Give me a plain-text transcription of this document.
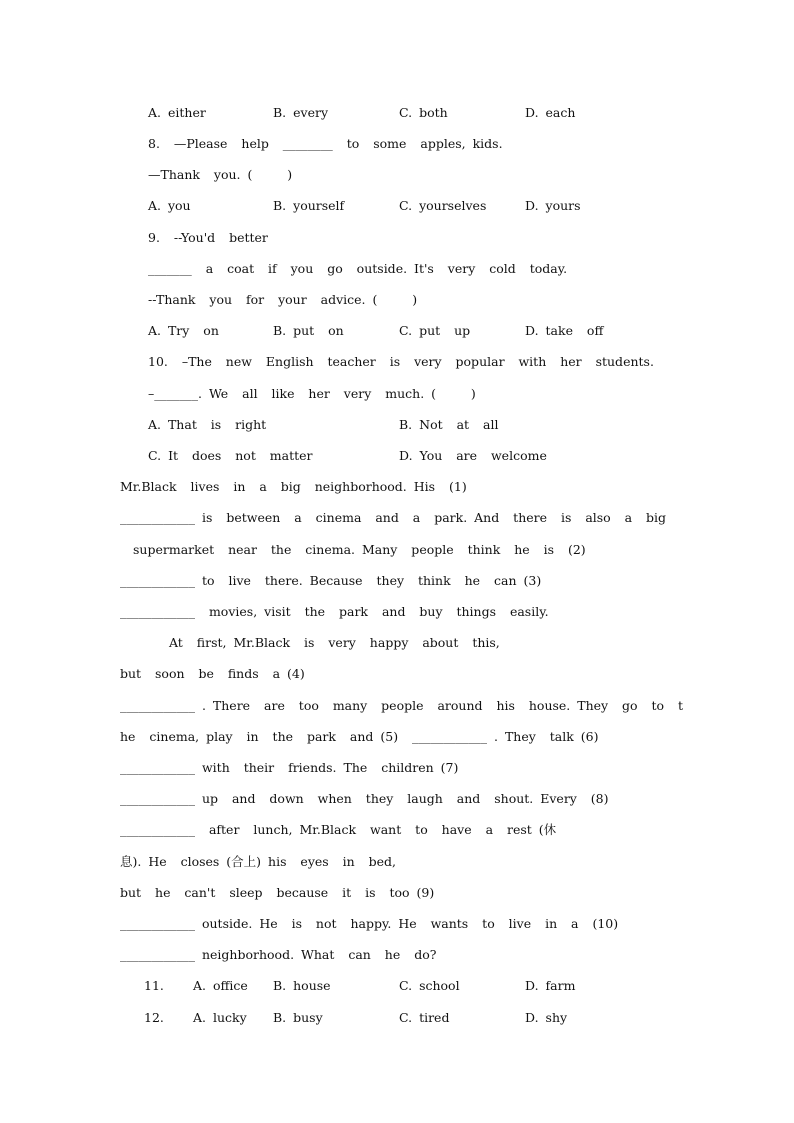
A. either	B. every	C. both	D. each
8.  —Please  help  ________  to  some  apples, kids.
—Thank  you. (     )
A. you	B. yourself	C. yourselves	D. yours
9.  --You'd  better
_______  a  coat  if  you  go  outside. It's  very  cold  today.
--Thank  you  for  your  advice. (     )
A. Try  on	B. put  on	C. put  up	D. take  off
10.  –The  new  English  teacher  is  very  popular  with  her  students.
–_______. We  all  like  her  very  much. (     )
A. That  is  right	B. Not  at  all
C. It  does  not  matter	D. You  are  welcome
Mr.Black  lives  in  a  big  neighborhood. His  (1)
____________ is  between  a  cinema  and  a  park. And  there  is  also  a  big
supermarket  near  the  cinema. Many  people  think  he  is  (2)
____________ to  live  there. Because  they  think  he  can (3)
____________  movies, visit  the  park  and  buy  things  easily.
At  first, Mr.Black  is  very  happy  about  this,
but  soon  be  finds  a (4)
____________ . There  are  too  many  people  around  his  house. They  go  to  t
he  cinema, play  in  the  park  and (5)  ____________ . They  talk (6)
____________ with  their  friends. The  children (7)
____________ up  and  down  when  they  laugh  and  shout. Every  (8)
____________  after  lunch, Mr.Black  want  to  have  a  rest (休
息). He  closes (合上) his  eyes  in  bed,
but  he  can't  sleep  because  it  is  too (9)
____________ outside. He  is  not  happy. He  wants  to  live  in  a  (10)
____________ neighborhood. What  can  he  do?
11. A. office B. house	C. school	D. farm
12. A. lucky B. busy	C. tired	D. shy
